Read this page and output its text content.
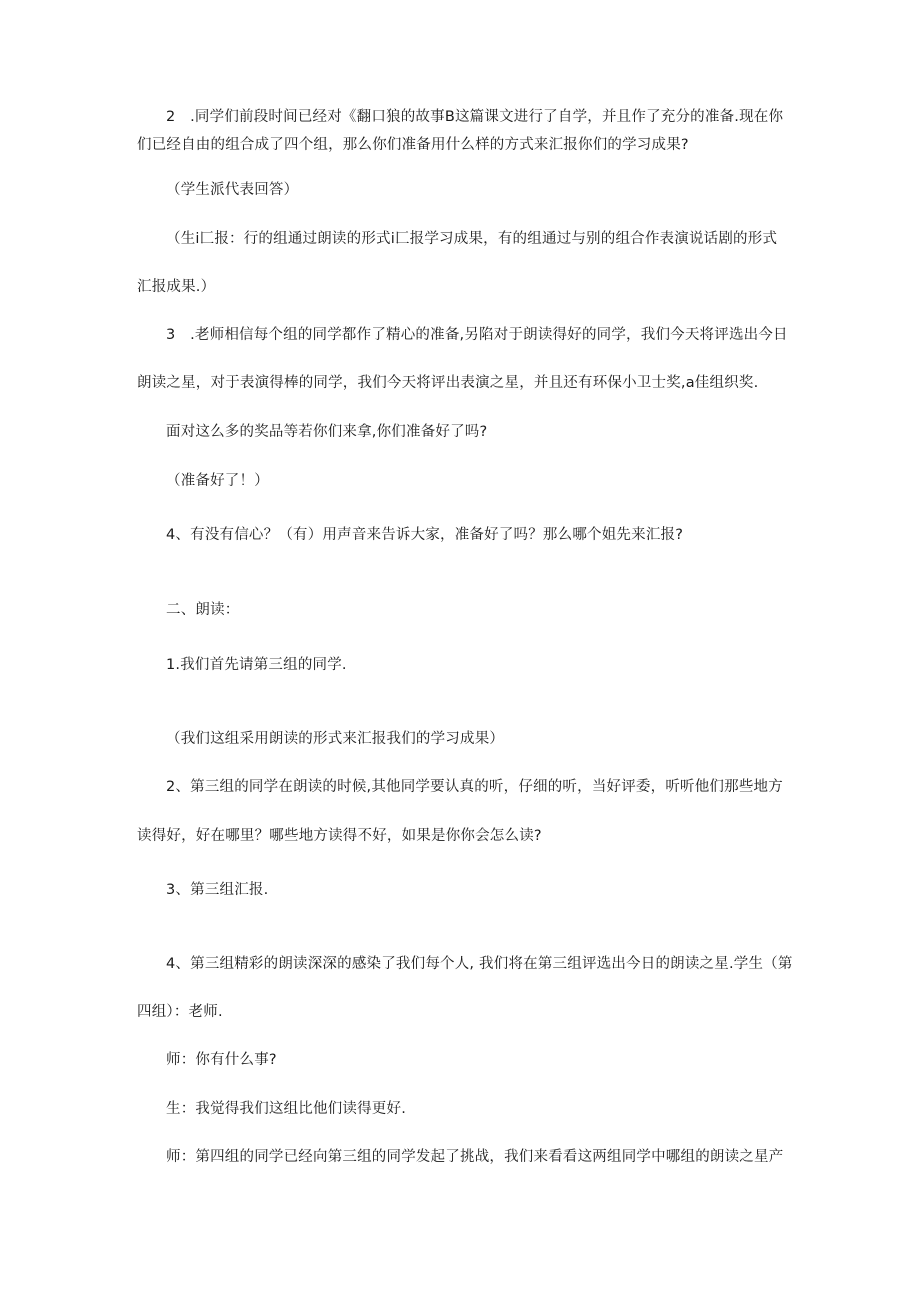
2　.同学们前段时间已经对《翻口狼的故事B这篇课文进行了自学，并且作了充分的准备.现在你
们已经自由的组合成了四个组，那么你们准备用什么样的方式来汇报你们的学习成果?
（学生派代表回答）
（生i匚报：行的组通过朗读的形式i匚报学习成果，有的组通过与别的组合作表演说话剧的形式
汇报成果.）
3　.老师相信每个组的同学都作了精心的准备,另陷对于朗读得好的同学，我们今天将评选出今日
朗读之星，对于表演得棒的同学，我们今天将评出表演之星，并且还有环保小卫士奖,a佳组织奖.
面对这么多的奖品等若你们来拿,你们准备好了吗?
（准备好了！）
4、有没有信心？（有）用声音来告诉大家，准备好了吗？那么哪个姐先来汇报?
二、朗读：
1.我们首先请第三组的同学.
（我们这组采用朗读的形式来汇报我们的学习成果）
2、第三组的同学在朗读的时候,其他同学要认真的听，仔细的听，当好评委，听听他们那些地方
读得好，好在哪里？哪些地方读得不好，如果是你你会怎么读?
3、第三组汇报.
4、第三组精彩的朗读深深的感染了我们每个人, 我们将在第三组评选出今日的朗读之星.学生（第
四组）：老师.
师：你有什么事?
生：我觉得我们这组比他们读得更好.
师：第四组的同学已经向第三组的同学发起了挑战，我们来看看这两组同学中哪组的朗读之星产
